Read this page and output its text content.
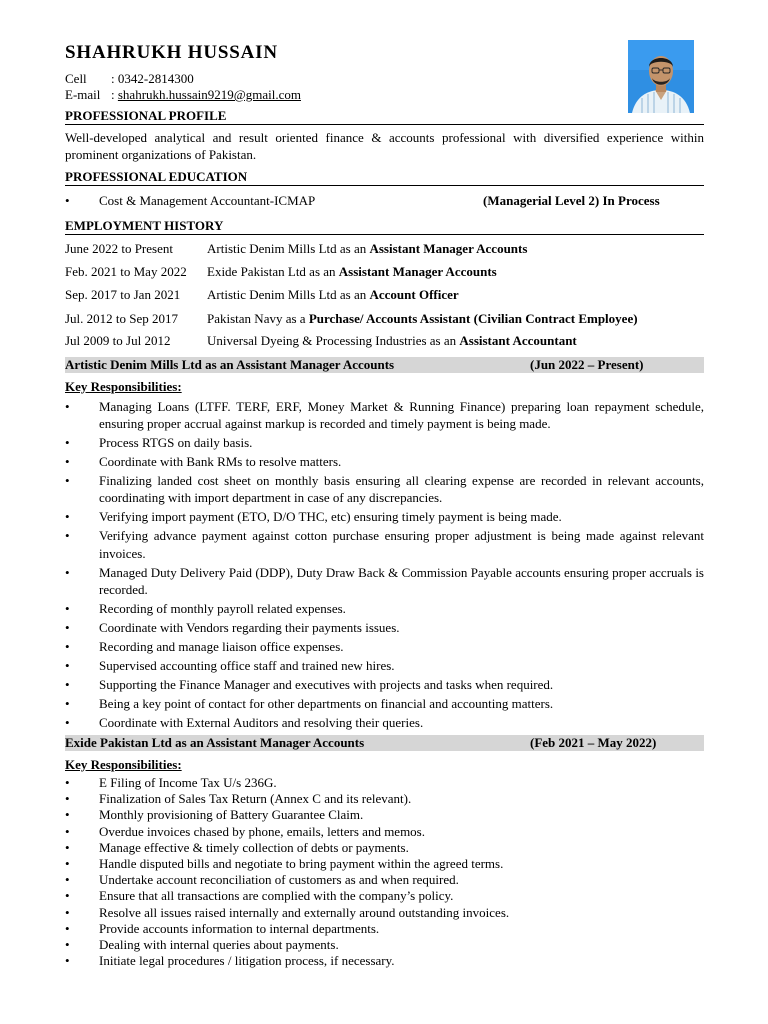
SHAHRUKH HUSSAIN
Cell : 0342-2814300
E-mail : shahrukh.hussain9219@gmail.com
PROFESSIONAL PROFILE
Well-developed analytical and result oriented finance & accounts professional with diversified experience within prominent organizations of Pakistan.
PROFESSIONAL EDUCATION
•	Cost & Management Accountant-ICMAP	(Managerial Level 2) In Process
EMPLOYMENT HISTORY
June 2022 to Present	Artistic Denim Mills Ltd as an Assistant Manager Accounts
Feb. 2021 to May 2022 Exide Pakistan Ltd as an Assistant Manager Accounts
Sep. 2017 to Jan 2021 Artistic Denim Mills Ltd as an Account Officer
Jul. 2012 to Sep 2017 Pakistan Navy as a Purchase/ Accounts Assistant (Civilian Contract Employee)
Jul 2009 to Jul 2012	Universal Dyeing & Processing Industries as an Assistant Accountant
Artistic Denim Mills Ltd as an Assistant Manager Accounts	(Jun 2022 – Present)
Key Responsibilities:
• Managing Loans (LTFF. TERF, ERF, Money Market & Running Finance) preparing loan repayment schedule, ensuring proper accrual against markup is recorded and timely payment is being made.
• Process RTGS on daily basis.
• Coordinate with Bank RMs to resolve matters.
• Finalizing landed cost sheet on monthly basis ensuring all clearing expense are recorded in relevant accounts, coordinating with import department in case of any discrepancies.
• Verifying import payment (ETO, D/O THC, etc) ensuring timely payment is being made.
• Verifying advance payment against cotton purchase ensuring proper adjustment is being made against relevant invoices.
• Managed Duty Delivery Paid (DDP), Duty Draw Back & Commission Payable accounts ensuring proper accruals is recorded.
• Recording of monthly payroll related expenses.
• Coordinate with Vendors regarding their payments issues.
• Recording and manage liaison office expenses.
• Supervised accounting office staff and trained new hires.
• Supporting the Finance Manager and executives with projects and tasks when required.
• Being a key point of contact for other departments on financial and accounting matters.
• Coordinate with External Auditors and resolving their queries.
Exide Pakistan Ltd as an Assistant Manager Accounts	(Feb 2021 – May 2022)
Key Responsibilities:
• E Filing of Income Tax U/s 236G.
• Finalization of Sales Tax Return (Annex C and its relevant).
• Monthly provisioning of Battery Guarantee Claim.
• Overdue invoices chased by phone, emails, letters and memos.
• Manage effective & timely collection of debts or payments.
• Handle disputed bills and negotiate to bring payment within the agreed terms.
• Undertake account reconciliation of customers as and when required.
• Ensure that all transactions are complied with the company’s policy.
• Resolve all issues raised internally and externally around outstanding invoices.
• Provide accounts information to internal departments.
• Dealing with internal queries about payments.
• Initiate legal procedures / litigation process, if necessary.
